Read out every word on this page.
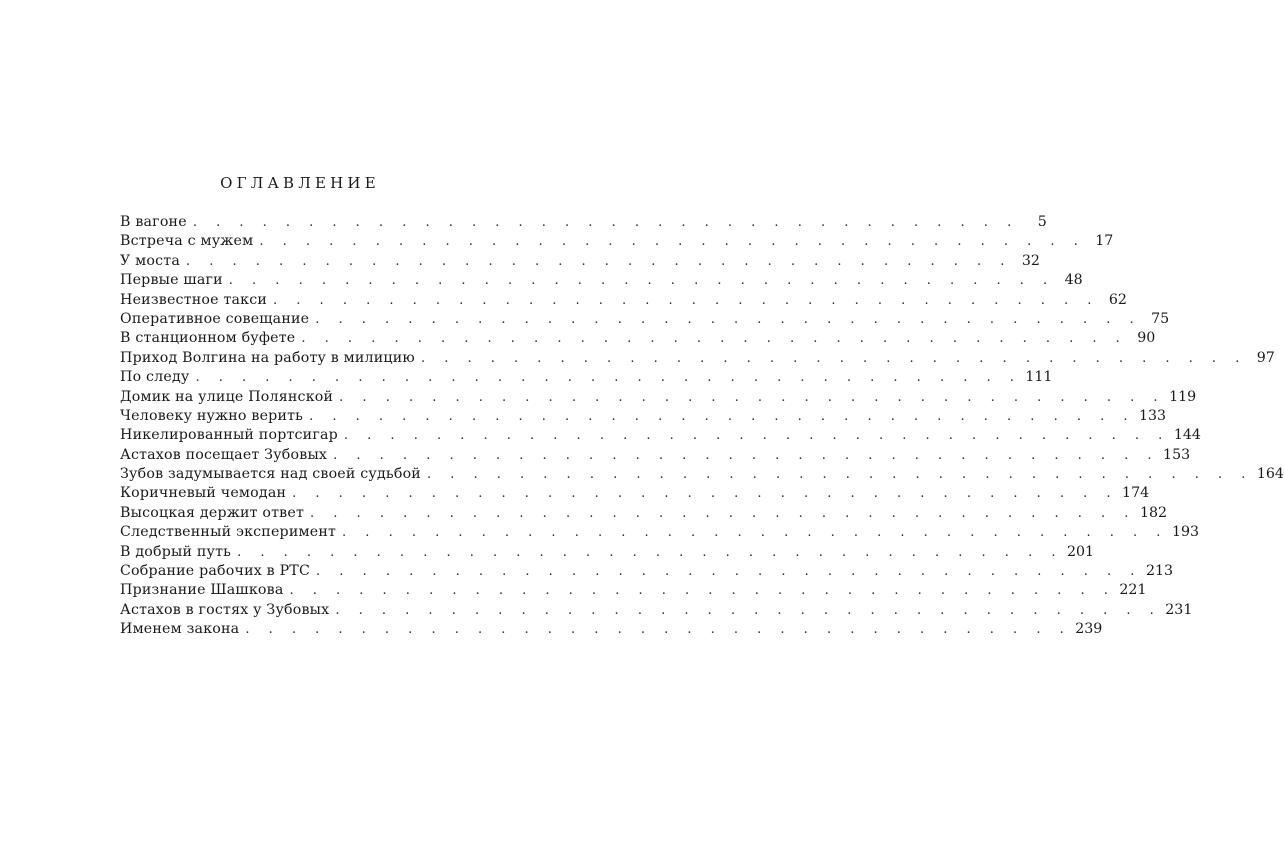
ОГЛАВЛЕНИЕ
В вагоне . . . . . . . . . . . . . . . . . . . . . . . . . . . . . . . . . . . .	5
Встреча с мужем . . . . . . . . . . . . . . . . . . . . . . . . . . . . . . . . . . . . 17
У моста . . . . . . . . . . . . . . . . . . . . . . . . . . . . . . . . . . . . 32
Первые шаги . . . . . . . . . . . . . . . . . . . . . . . . . . . . . . . . . . . . 48
Неизвестное такси . . . . . . . . . . . . . . . . . . . . . . . . . . . . . . . . . . . . 62
Оперативное совещание . . . . . . . . . . . . . . . . . . . . . . . . . . . . . . . . . . . . 75
В станционном буфете . . . . . . . . . . . . . . . . . . . . . . . . . . . . . . . . . . . . 90
Приход Волгина на работу в милицию . . . . . . . . . . . . . . . . . . . . . . . . . . . . . . . . . . . . 97
По следу . . . . . . . . . . . . . . . . . . . . . . . . . . . . . . . . . . . . 111
Домик на улице Полянской . . . . . . . . . . . . . . . . . . . . . . . . . . . . . . . . . . . . 119
Человеку нужно верить . . . . . . . . . . . . . . . . . . . . . . . . . . . . . . . . . . . . 133
Никелированный портсигар . . . . . . . . . . . . . . . . . . . . . . . . . . . . . . . . . . . . 144
Астахов посещает Зубовых . . . . . . . . . . . . . . . . . . . . . . . . . . . . . . . . . . . . 153
Зубов задумывается над своей судьбой . . . . . . . . . . . . . . . . . . . . . . . . . . . . . . . . . . . . 164
Коричневый чемодан . . . . . . . . . . . . . . . . . . . . . . . . . . . . . . . . . . . . 174
Высоцкая держит ответ . . . . . . . . . . . . . . . . . . . . . . . . . . . . . . . . . . . . 182
Следственный эксперимент . . . . . . . . . . . . . . . . . . . . . . . . . . . . . . . . . . . . 193
В добрый путь . . . . . . . . . . . . . . . . . . . . . . . . . . . . . . . . . . . . 201
Собрание рабочих в РТС . . . . . . . . . . . . . . . . . . . . . . . . . . . . . . . . . . . . 213
Признание Шашкова . . . . . . . . . . . . . . . . . . . . . . . . . . . . . . . . . . . . 221
Астахов в гостях у Зубовых . . . . . . . . . . . . . . . . . . . . . . . . . . . . . . . . . . . . 231
Именем закона . . . . . . . . . . . . . . . . . . . . . . . . . . . . . . . . . . . . 239
